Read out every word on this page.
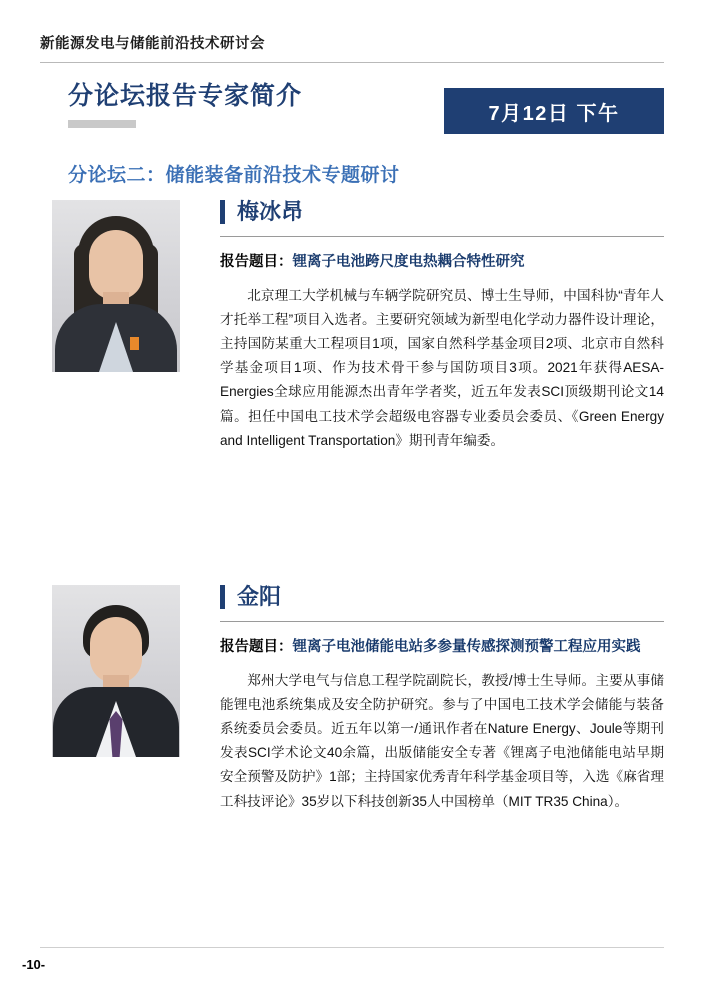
新能源发电与储能前沿技术研讨会
分论坛报告专家简介
7月12日 下午
分论坛二：储能装备前沿技术专题研讨
梅冰昂
报告题目：锂离子电池跨尺度电热耦合特性研究
北京理工大学机械与车辆学院研究员、博士生导师，中国科协“青年人才托举工程”项目入选者。主要研究领域为新型电化学动力器件设计理论，主持国防某重大工程项目1项，国家自然科学基金项目2项、北京市自然科学基金项目1项、作为技术骨干参与国防项目3项。2021年获得AESA-Energies全球应用能源杰出青年学者奖，近五年发表SCI顶级期刊论文14篇。担任中国电工技术学会超级电容器专业委员会委员、《Green Energy and Intelligent Transportation》期刊青年编委。
金阳
报告题目：锂离子电池储能电站多参量传感探测预警工程应用实践
郑州大学电气与信息工程学院副院长，教授/博士生导师。主要从事储能锂电池系统集成及安全防护研究。参与了中国电工技术学会储能与装备系统委员会委员。近五年以第一/通讯作者在Nature Energy、Joule等期刊发表SCI学术论文40余篇，出版储能安全专著《锂离子电池储能电站早期安全预警及防护》1部；主持国家优秀青年科学基金项目等，入选《麻省理工科技评论》35岁以下科技创新35人中国榜单（MIT TR35 China）。
-10-
